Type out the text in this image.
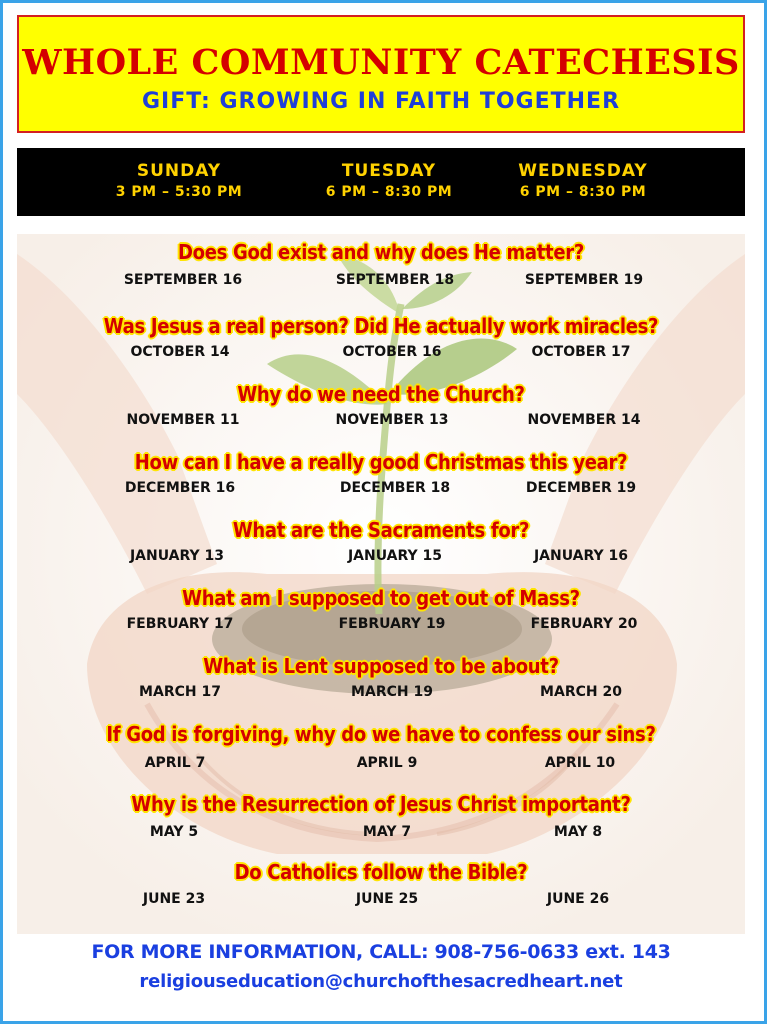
WHOLE COMMUNITY CATECHESIS
GIFT: GROWING IN FAITH TOGETHER
SUNDAY
3 PM – 5:30 PM
TUESDAY
6 PM – 8:30 PM
WEDNESDAY
6 PM – 8:30 PM
Does God exist and why does He matter?
SEPTEMBER 16	SEPTEMBER 18	SEPTEMBER 19
Was Jesus a real person? Did He actually work miracles?
OCTOBER 14	OCTOBER 16	OCTOBER 17
Why do we need the Church?
NOVEMBER 11	NOVEMBER 13	NOVEMBER 14
How can I have a really good Christmas this year?
DECEMBER 16	DECEMBER 18	DECEMBER 19
What are the Sacraments for?
JANUARY 13	JANUARY 15	JANUARY 16
What am I supposed to get out of Mass?
FEBRUARY 17	FEBRUARY 19	FEBRUARY 20
What is Lent supposed to be about?
MARCH 17	MARCH 19	MARCH 20
If God is forgiving, why do we have to confess our sins?
APRIL 7	APRIL 9	APRIL 10
Why is the Resurrection of Jesus Christ important?
MAY 5	MAY 7	MAY 8
Do Catholics follow the Bible?
JUNE 23	JUNE 25	JUNE 26
FOR MORE INFORMATION, CALL: 908-756-0633 ext. 143
religiouseducation@churchofthesacredheart.net
